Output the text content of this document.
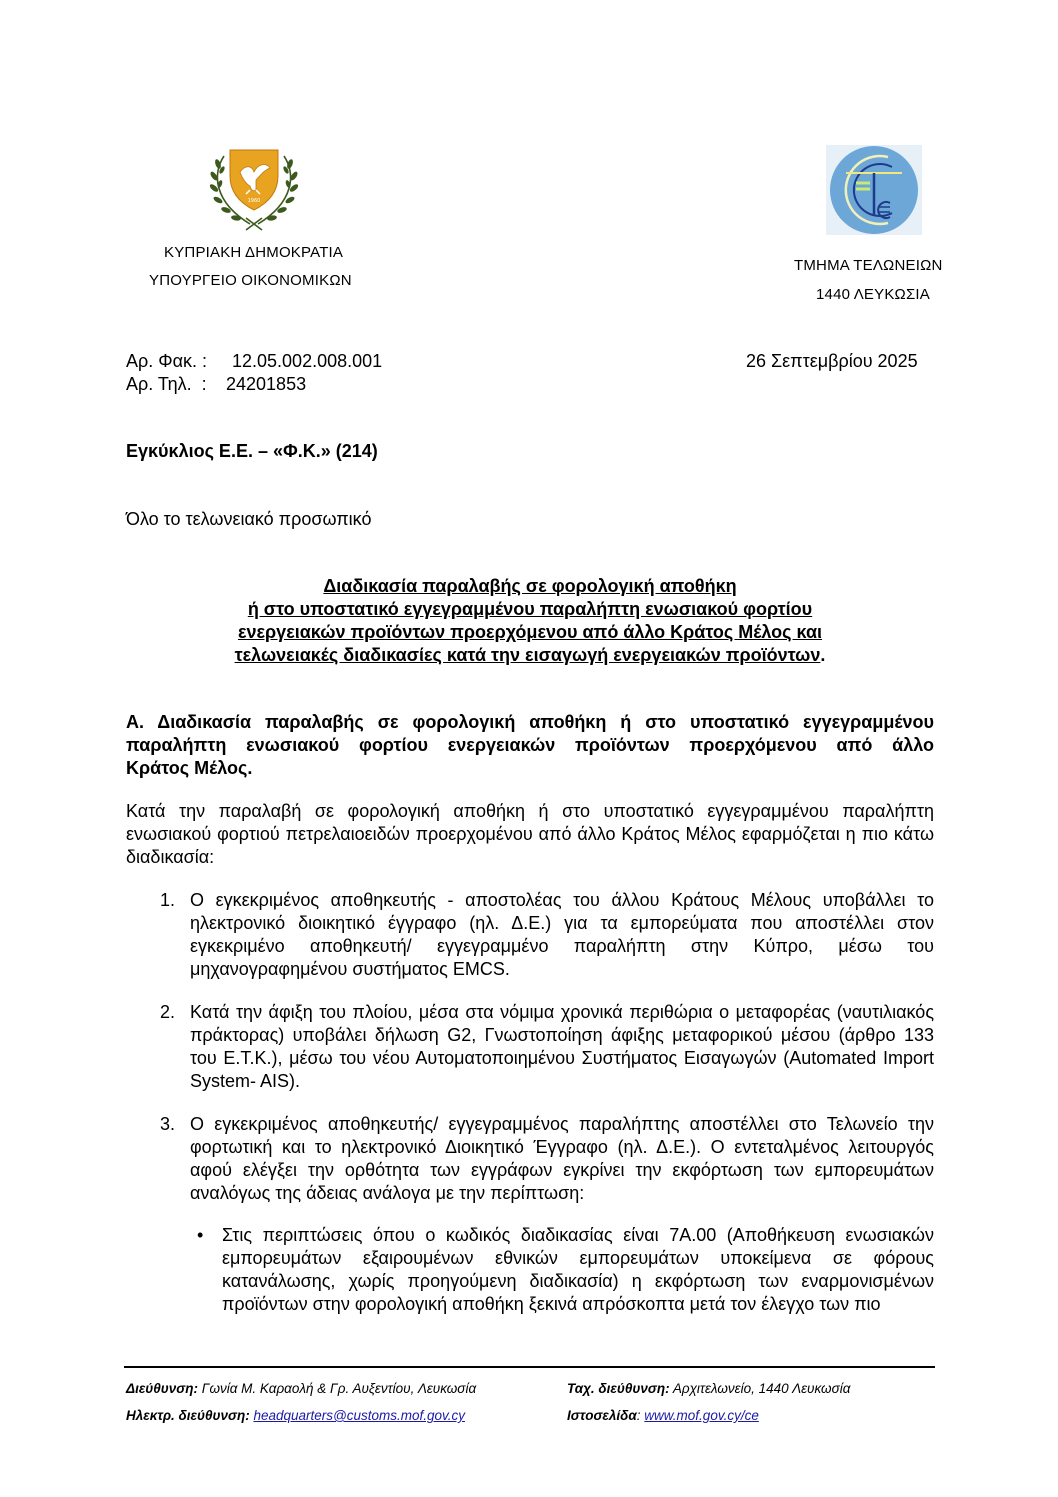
1960
ΚΥΠΡΙΑΚΗ ΔΗΜΟΚΡΑΤΙΑ
ΥΠΟΥΡΓΕΙΟ ΟΙΚΟΝΟΜΙΚΩΝ
ΤΜΗΜΑ ΤΕΛΩΝΕΙΩΝ
1440 ΛΕΥΚΩΣΙΑ
Αρ. Φακ. : 12.05.002.008.001
Αρ. Τηλ.  : 24201853
26 Σεπτεμβρίου 2025
Εγκύκλιος Ε.Ε. – «Φ.Κ.» (214)
Όλο το τελωνειακό προσωπικό
Διαδικασία παραλαβής σε φορολογική αποθήκη
ή στο υποστατικό εγγεγραμμένου παραλήπτη ενωσιακού φορτίου
ενεργειακών προϊόντων προερχόμενου από άλλο Κράτος Μέλος και
τελωνειακές διαδικασίες κατά την εισαγωγή ενεργειακών προϊόντων.
Α. Διαδικασία παραλαβής σε φορολογική αποθήκη ή στο υποστατικό εγγεγραμμένου
παραλήπτη ενωσιακού φορτίου ενεργειακών προϊόντων προερχόμενου από άλλο
Κράτος Μέλος.
Κατά την παραλαβή σε φορολογική αποθήκη ή στο υποστατικό εγγεγραμμένου παραλήπτη ενωσιακού φορτιού πετρελαιοειδών προερχομένου από άλλο Κράτος Μέλος εφαρμόζεται η πιο κάτω διαδικασία:
1. Ο εγκεκριμένος αποθηκευτής - αποστολέας του άλλου Κράτους Μέλους υποβάλλει το ηλεκτρονικό διοικητικό έγγραφο (ηλ. Δ.Ε.) για τα εμπορεύματα που αποστέλλει στον εγκεκριμένο αποθηκευτή/ εγγεγραμμένο παραλήπτη στην Κύπρο, μέσω του μηχανογραφημένου συστήματος EMCS.
2. Κατά την άφιξη του πλοίου, μέσα στα νόμιμα χρονικά περιθώρια ο μεταφορέας (ναυτιλιακός πράκτορας) υποβάλει δήλωση G2, Γνωστοποίηση άφιξης μεταφορικού μέσου (άρθρο 133 του Ε.Τ.Κ.), μέσω του νέου Αυτοματοποιημένου Συστήματος Εισαγωγών (Automated Import System- AIS).
3. Ο εγκεκριμένος αποθηκευτής/ εγγεγραμμένος παραλήπτης αποστέλλει στο Τελωνείο την φορτωτική και το ηλεκτρονικό Διοικητικό Έγγραφο (ηλ. Δ.Ε.). Ο εντεταλμένος λειτουργός αφού ελέγξει την ορθότητα των εγγράφων εγκρίνει την εκφόρτωση των εμπορευμάτων αναλόγως της άδειας ανάλογα με την περίπτωση:
• Στις περιπτώσεις όπου ο κωδικός διαδικασίας είναι 7Α.00 (Αποθήκευση ενωσιακών εμπορευμάτων εξαιρουμένων εθνικών εμπορευμάτων υποκείμενα σε φόρους κατανάλωσης, χωρίς προηγούμενη διαδικασία) η εκφόρτωση των εναρμονισμένων προϊόντων στην φορολογική αποθήκη ξεκινά απρόσκοπτα μετά τον έλεγχο των πιο
Διεύθυνση: Γωνία Μ. Καραολή & Γρ. Αυξεντίου, Λευκωσία	Ταχ. διεύθυνση: Αρχιτελωνείο, 1440 Λευκωσία
Ηλεκτρ. διεύθυνση: headquarters@customs.mof.gov.cy	Ιστοσελίδα: www.mof.gov.cy/ce
